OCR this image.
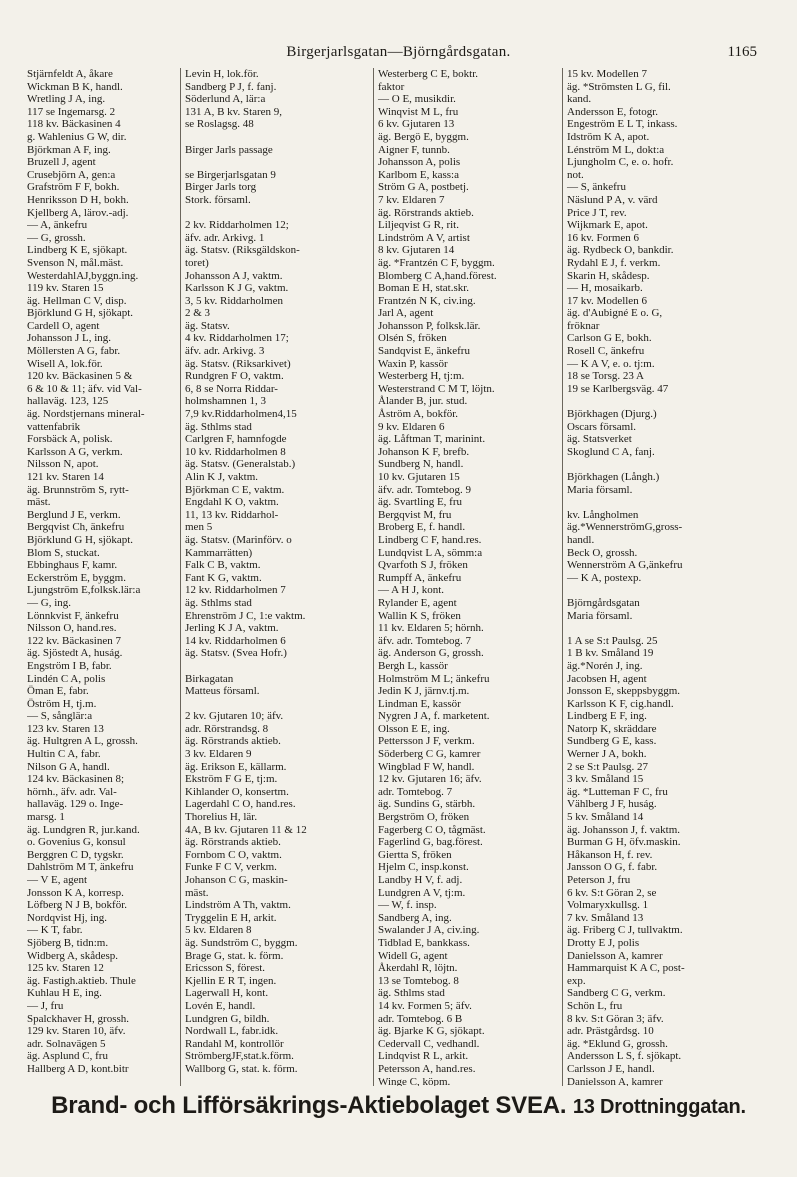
Birgerjarlsgatan—Björngårdsgatan.	1165
Stjärnfeldt A, åkare
Wickman B K, handl.
Wretling J A, ing.
117 se Ingemarsg. 2
118 kv. Bäckasinen 4
g. Wahlenius G W, dir.
Björkman A F, ing.
Bruzell J, agent
Crusebjörn A, gen:a
Grafström F F, bokh.
Henriksson D H, bokh.
Kjellberg A, lärov.-adj.
— A, änkefru
— G, grossh.
Lindberg K E, sjökapt.
Svenson N, mål.mäst.
WesterdahlAJ,byggn.ing.
119 kv. Staren 15
äg. Hellman C V, disp.
Björklund G H, sjökapt.
Cardell O, agent
Johansson J L, ing.
Möllersten A G, fabr.
Wisell A, lok.för.
120 kv. Bäckasinen 5 &
6 & 10 & 11; äfv. vid Val-
hallaväg. 123, 125
äg. Nordstjernans mineral-
vattenfabrik
Forsbäck A, polisk.
Karlsson A G, verkm.
Nilsson N, apot.
121 kv. Staren 14
äg. Brunnström S, rytt-
mäst.
Berglund J E, verkm.
Bergqvist Ch, änkefru
Björklund G H, sjökapt.
Blom S, stuckat.
Ebbinghaus F, kamr.
Eckerström E, byggm.
Ljungström E,folksk.lär:a
— G, ing.
Lönnkvist F, änkefru
Nilsson O, hand.res.
122 kv. Bäckasinen 7
äg. Sjöstedt A, huság.
Engström I B, fabr.
Lindén C A, polis
Öman E, fabr.
Öström H, tj.m.
— S, sånglär:a
123 kv. Staren 13
äg. Hultgren A L, grossh.
Hultin C A, fabr.
Nilson G A, handl.
124 kv. Bäckasinen 8;
hörnh., äfv. adr. Val-
hallaväg. 129 o. Inge-
marsg. 1
äg. Lundgren R, jur.kand.
o. Govenius G, konsul
Berggren C D, tygskr.
Dahlström M T, änkefru
— V E, agent
Jonsson K A, korresp.
Löfberg N J B, bokför.
Nordqvist Hj, ing.
— K T, fabr.
Sjöberg B, tidn:m.
Widberg A, skådesp.
125 kv. Staren 12
äg. Fastigh.aktieb. Thule
Kuhlau H E, ing.
— J, fru
Spalckhaver H, grossh.
129 kv. Staren 10, äfv.
adr. Solnavägen 5
äg. Asplund C, fru
Hallberg A D, kont.bitr
Levin H, lok.för.
Sandberg P J, f. fanj.
Söderlund A, lär:a
131 A, B kv. Staren 9,
se Roslagsg. 48
Birger Jarls passage
se Birgerjarlsgatan 9
Birger Jarls torg
Stork. församl.
2 kv. Riddarholmen 12;
äfv. adr. Arkivg. 1
äg. Statsv. (Riksgäldskon-
toret)
Johansson A J, vaktm.
Karlsson K J G, vaktm.
3, 5 kv. Riddarholmen
2 & 3
äg. Statsv.
4 kv. Riddarholmen 17;
äfv. adr. Arkivg. 3
äg. Statsv. (Riksarkivet)
Rundgren F O, vaktm.
6, 8 se Norra Riddar-
holmshamnen 1, 3
7,9 kv.Riddarholmen4,15
äg. Sthlms stad
Carlgren F, hamnfogde
10 kv. Riddarholmen 8
äg. Statsv. (Generalstab.)
Alin K J, vaktm.
Björkman C E, vaktm.
Engdahl K O, vaktm.
11, 13 kv. Riddarhol-
men 5
äg. Statsv. (Marinförv. o
Kammarrätten)
Falk C B, vaktm.
Fant K G, vaktm.
12 kv. Riddarholmen 7
äg. Sthlms stad
Ehrenström J C, 1:e vaktm.
Jerling K J A, vaktm.
14 kv. Riddarholmen 6
äg. Statsv. (Svea Hofr.)
Birkagatan
Matteus församl.
2 kv. Gjutaren 10; äfv.
adr. Rörstrandsg. 8
äg. Rörstrands aktieb.
3 kv. Eldaren 9
äg. Erikson E, källarm.
Ekström F G E, tj:m.
Kihlander O, konsertm.
Lagerdahl C O, hand.res.
Thorelius H, lär.
4A, B kv. Gjutaren 11 & 12
äg. Rörstrands aktieb.
Fornbom C O, vaktm.
Funke F C V, verkm.
Johanson C G, maskin-
mäst.
Lindström A Th, vaktm.
Tryggelin E H, arkit.
5 kv. Eldaren 8
äg. Sundström C, byggm.
Brage G, stat. k. förm.
Ericsson S, förest.
Kjellin E R T, ingen.
Lagerwall H, kont.
Lovén E, handl.
Lundgren G, bildh.
Nordwall L, fabr.idk.
Randahl M, kontrollör
StrömbergJF,stat.k.förm.
Wallborg G, stat. k. förm.
Westerberg C E, boktr.
faktor
— O E, musikdir.
Winqvist M L, fru
6 kv. Gjutaren 13
äg. Bergö E, byggm.
Aigner F, tunnb.
Johansson A, polis
Karlbom E, kass:a
Ström G A, postbetj.
7 kv. Eldaren 7
äg. Rörstrands aktieb.
Liljeqvist G R, rit.
Lindström A V, artist
8 kv. Gjutaren 14
äg. *Frantzén C F, byggm.
Blomberg C A,hand.förest.
Boman E H, stat.skr.
Frantzén N K, civ.ing.
Jarl A, agent
Johansson P, folksk.lär.
Olsén S, fröken
Sandqvist E, änkefru
Waxin P, kassör
Westerberg H, tj:m.
Westerstrand C M T, löjtn.
Ålander B, jur. stud.
Åström A, bokför.
9 kv. Eldaren 6
äg. Låftman T, marinint.
Johanson K F, brefb.
Sundberg N, handl.
10 kv. Gjutaren 15
äfv. adr. Tomtebog. 9
äg. Svartling E, fru
Bergqvist M, fru
Broberg E, f. handl.
Lindberg C F, hand.res.
Lundqvist L A, sömm:a
Qvarfoth S J, fröken
Rumpff A, änkefru
— A H J, kont.
Rylander E, agent
Wallin K S, fröken
11 kv. Eldaren 5; hörnh.
äfv. adr. Tomtebog. 7
äg. Anderson G, grossh.
Bergh L, kassör
Holmström M L; änkefru
Jedin K J, järnv.tj.m.
Lindman E, kassör
Nygren J A, f. marketent.
Olsson E E, ing.
Pettersson J F, verkm.
Söderberg C G, kamrer
Wingblad F W, handl.
12 kv. Gjutaren 16; äfv.
adr. Tomtebog. 7
äg. Sundins G, stärbh.
Bergström O, fröken
Fagerberg C O, tågmäst.
Fagerlind G, bag.förest.
Giertta S, fröken
Hjelm C, insp.konst.
Landby H V, f. adj.
Lundgren A V, tj:m.
— W, f. insp.
Sandberg A, ing.
Swalander J A, civ.ing.
Tidblad E, bankkass.
Widell G, agent
Åkerdahl R, löjtn.
13 se Tomtebog. 8
äg. Sthlms stad
14 kv. Formen 5; äfv.
adr. Tomtebog. 6 B
äg. Bjarke K G, sjökapt.
Cedervall C, vedhandl.
Lindqvist R L, arkit.
Petersson A, hand.res.
Winge C, köpm.
15 kv. Modellen 7
äg. *Strömsten L G, fil.
kand.
Andersson E, fotogr.
Engeström E L T, inkass.
Idström K A, apot.
Lénström M L, dokt:a
Ljungholm C, e. o. hofr.
not.
— S, änkefru
Näslund P A, v. värd
Price J T, rev.
Wijkmark E, apot.
16 kv. Formen 6
äg. Rydbeck O, bankdir.
Rydahl E J, f. verkm.
Skarin H, skådesp.
— H, mosaikarb.
17 kv. Modellen 6
äg. d'Aubigné E o. G,
fröknar
Carlson G E, bokh.
Rosell C, änkefru
— K A V, e. o. tj:m.
18 se Torsg. 23 A
19 se Karlbergsväg. 47
Björkhagen (Djurg.)
Oscars församl.
äg. Statsverket
Skoglund C A, fanj.
Björkhagen (Långh.)
Maria församl.
kv. Långholmen
äg.*WennerströmG,gross-
handl.
Beck O, grossh.
Wennerström A G,änkefru
— K A, postexp.
Björngårdsgatan
Maria församl.
1 A se S:t Paulsg. 25
1 B kv. Småland 19
äg.*Norén J, ing.
Jacobsen H, agent
Jonsson E, skeppsbyggm.
Karlsson K F, cig.handl.
Lindberg E F, ing.
Natorp K, skräddare
Sundberg G E, kass.
Werner J A, bokh.
2 se S:t Paulsg. 27
3 kv. Småland 15
äg. *Lutteman F C, fru
Vählberg J F, huság.
5 kv. Småland 14
äg. Johansson J, f. vaktm.
Burman G H, öfv.maskin.
Håkanson H, f. rev.
Jansson O G, f. fabr.
Peterson J, fru
6 kv. S:t Göran 2, se
Volmaryxkullsg. 1
7 kv. Småland 13
äg. Friberg C J, tullvaktm.
Drotty E J, polis
Danielsson A, kamrer
Hammarquist K A C, post-
exp.
Sandberg C G, verkm.
Schön L, fru
8 kv. S:t Göran 3; äfv.
adr. Prästgårdsg. 10
äg. *Eklund G, grossh.
Andersson L S, f. sjökapt.
Carlsson J E, handl.
Danielsson A, kamrer
Brand- och Lifförsäkrings-Aktiebolaget SVEA. 13 Drottninggatan.
